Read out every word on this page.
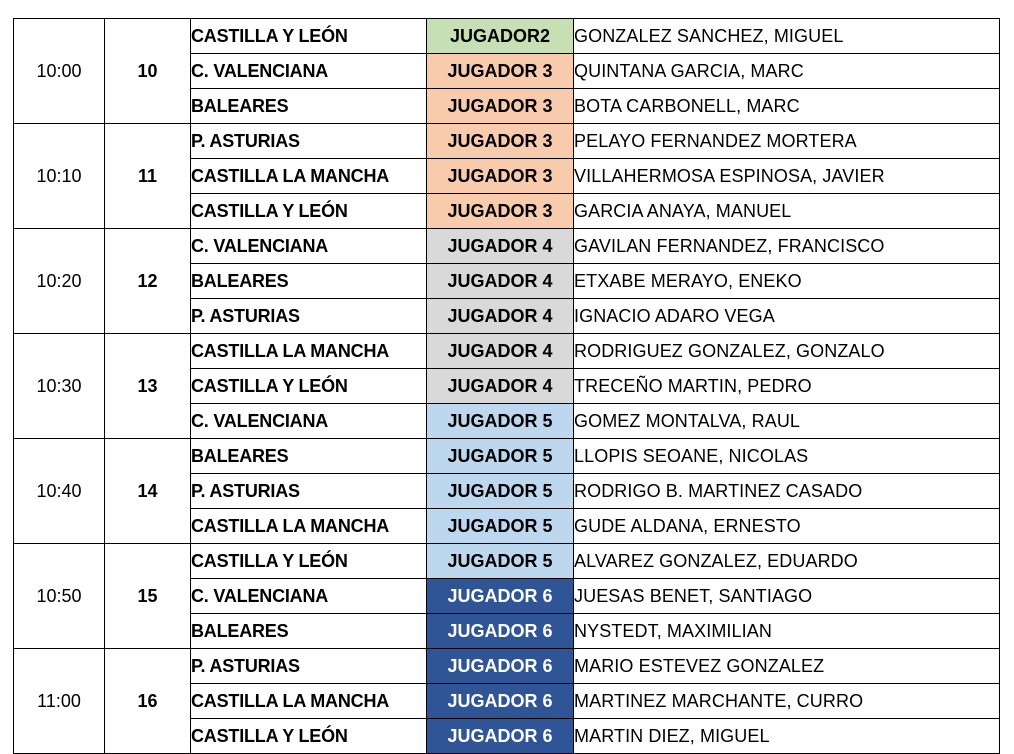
10:00	10	CASTILLA Y LEÓN	JUGADOR2	GONZALEZ SANCHEZ, MIGUEL
		C. VALENCIANA	JUGADOR 3	QUINTANA GARCIA, MARC
		BALEARES	JUGADOR 3	BOTA CARBONELL, MARC
10:10	11	P. ASTURIAS	JUGADOR 3	PELAYO FERNANDEZ MORTERA
		CASTILLA LA MANCHA	JUGADOR 3	VILLAHERMOSA ESPINOSA, JAVIER
		CASTILLA Y LEÓN	JUGADOR 3	GARCIA ANAYA, MANUEL
10:20	12	C. VALENCIANA	JUGADOR 4	GAVILAN FERNANDEZ, FRANCISCO
		BALEARES	JUGADOR 4	ETXABE MERAYO, ENEKO
		P. ASTURIAS	JUGADOR 4	IGNACIO ADARO VEGA
10:30	13	CASTILLA LA MANCHA	JUGADOR 4	RODRIGUEZ GONZALEZ, GONZALO
		CASTILLA Y LEÓN	JUGADOR 4	TRECEÑO MARTIN, PEDRO
		C. VALENCIANA	JUGADOR 5	GOMEZ MONTALVA, RAUL
10:40	14	BALEARES	JUGADOR 5	LLOPIS SEOANE, NICOLAS
		P. ASTURIAS	JUGADOR 5	RODRIGO B. MARTINEZ CASADO
		CASTILLA LA MANCHA	JUGADOR 5	GUDE ALDANA, ERNESTO
10:50	15	CASTILLA Y LEÓN	JUGADOR 5	ALVAREZ GONZALEZ, EDUARDO
		C. VALENCIANA	JUGADOR 6	JUESAS BENET, SANTIAGO
		BALEARES	JUGADOR 6	NYSTEDT, MAXIMILIAN
11:00	16	P. ASTURIAS	JUGADOR 6	MARIO ESTEVEZ GONZALEZ
		CASTILLA LA MANCHA	JUGADOR 6	MARTINEZ MARCHANTE, CURRO
		CASTILLA Y LEÓN	JUGADOR 6	MARTIN DIEZ, MIGUEL
